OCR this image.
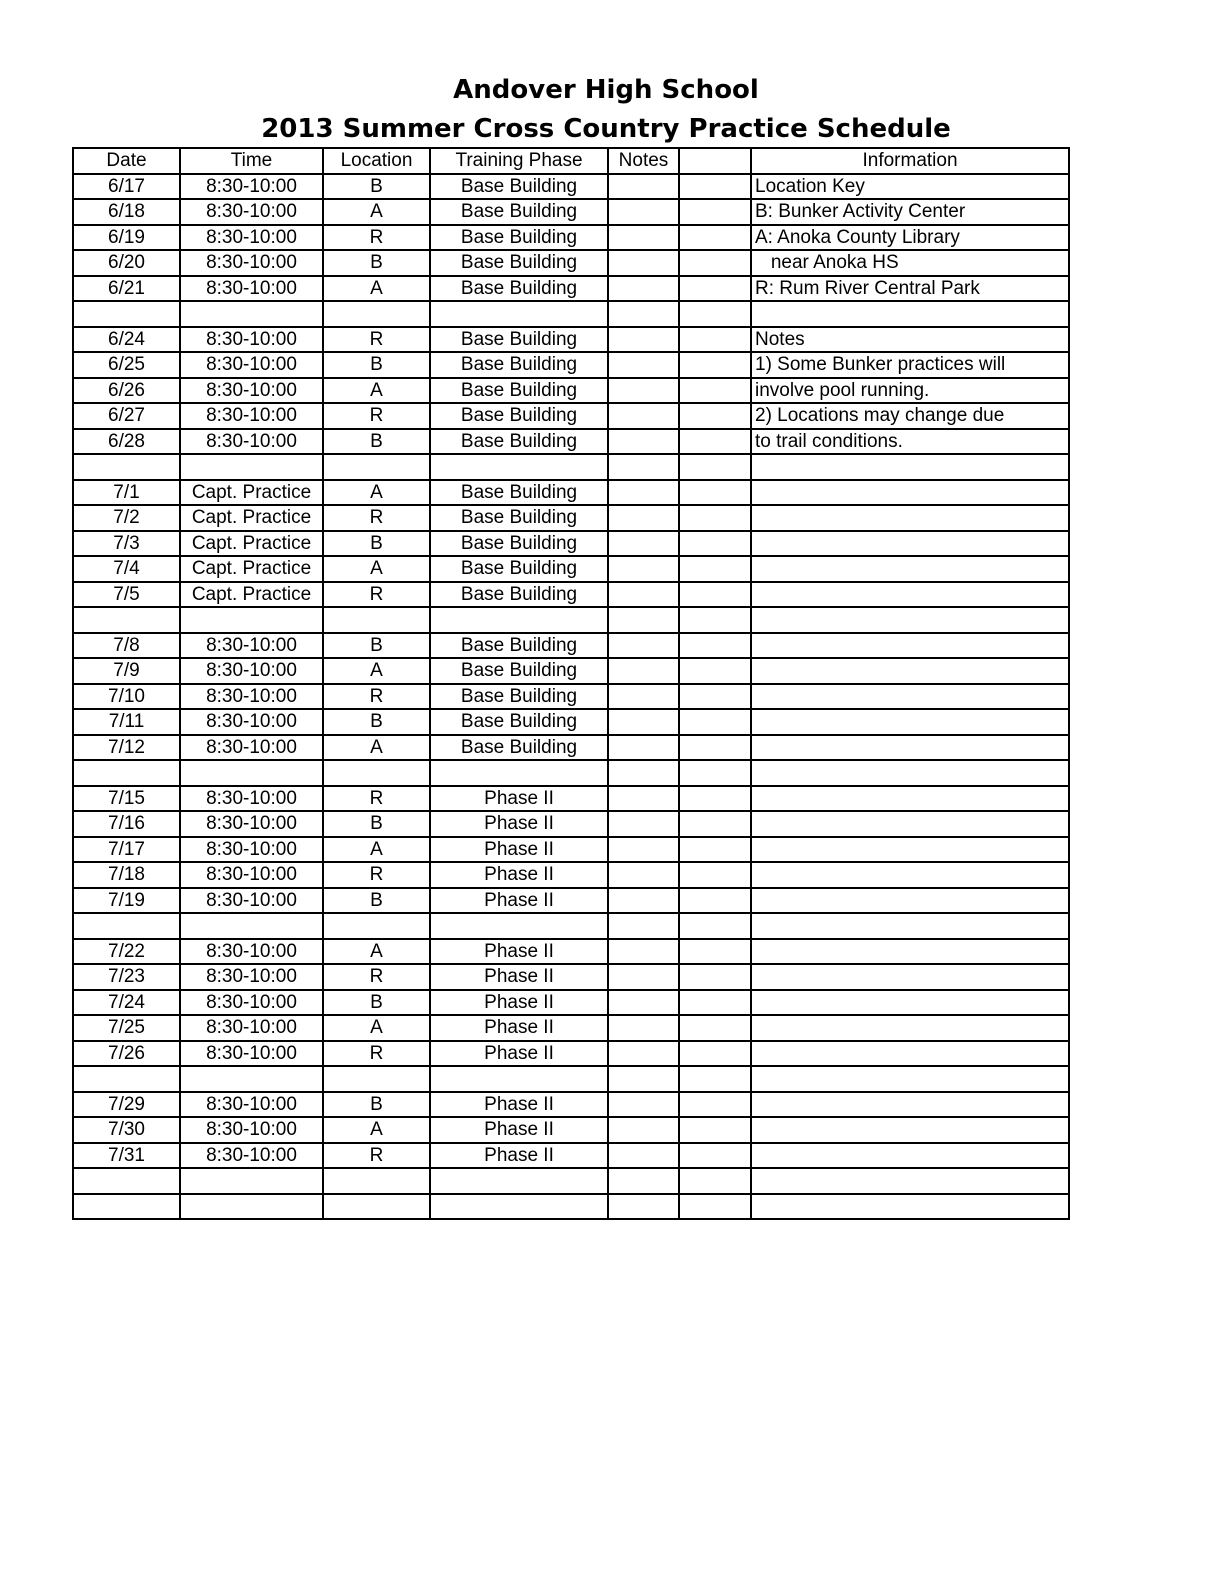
Andover High School
2013 Summer Cross Country Practice Schedule
Date	Time	Location	Training Phase	Notes		Information
6/17	8:30-10:00	B	Base Building			Location Key
6/18	8:30-10:00	A	Base Building			B: Bunker Activity Center
6/19	8:30-10:00	R	Base Building			A: Anoka County Library
6/20	8:30-10:00	B	Base Building			near Anoka HS
6/21	8:30-10:00	A	Base Building			R: Rum River Central Park

6/24	8:30-10:00	R	Base Building			Notes
6/25	8:30-10:00	B	Base Building			1) Some Bunker practices will
6/26	8:30-10:00	A	Base Building			involve pool running.
6/27	8:30-10:00	R	Base Building			2) Locations may change due
6/28	8:30-10:00	B	Base Building			to trail conditions.

7/1	Capt. Practice	A	Base Building			
7/2	Capt. Practice	R	Base Building			
7/3	Capt. Practice	B	Base Building			
7/4	Capt. Practice	A	Base Building			
7/5	Capt. Practice	R	Base Building			

7/8	8:30-10:00	B	Base Building			
7/9	8:30-10:00	A	Base Building			
7/10	8:30-10:00	R	Base Building			
7/11	8:30-10:00	B	Base Building			
7/12	8:30-10:00	A	Base Building			

7/15	8:30-10:00	R	Phase II			
7/16	8:30-10:00	B	Phase II			
7/17	8:30-10:00	A	Phase II			
7/18	8:30-10:00	R	Phase II			
7/19	8:30-10:00	B	Phase II			

7/22	8:30-10:00	A	Phase II			
7/23	8:30-10:00	R	Phase II			
7/24	8:30-10:00	B	Phase II			
7/25	8:30-10:00	A	Phase II			
7/26	8:30-10:00	R	Phase II			

7/29	8:30-10:00	B	Phase II			
7/30	8:30-10:00	A	Phase II			
7/31	8:30-10:00	R	Phase II			
